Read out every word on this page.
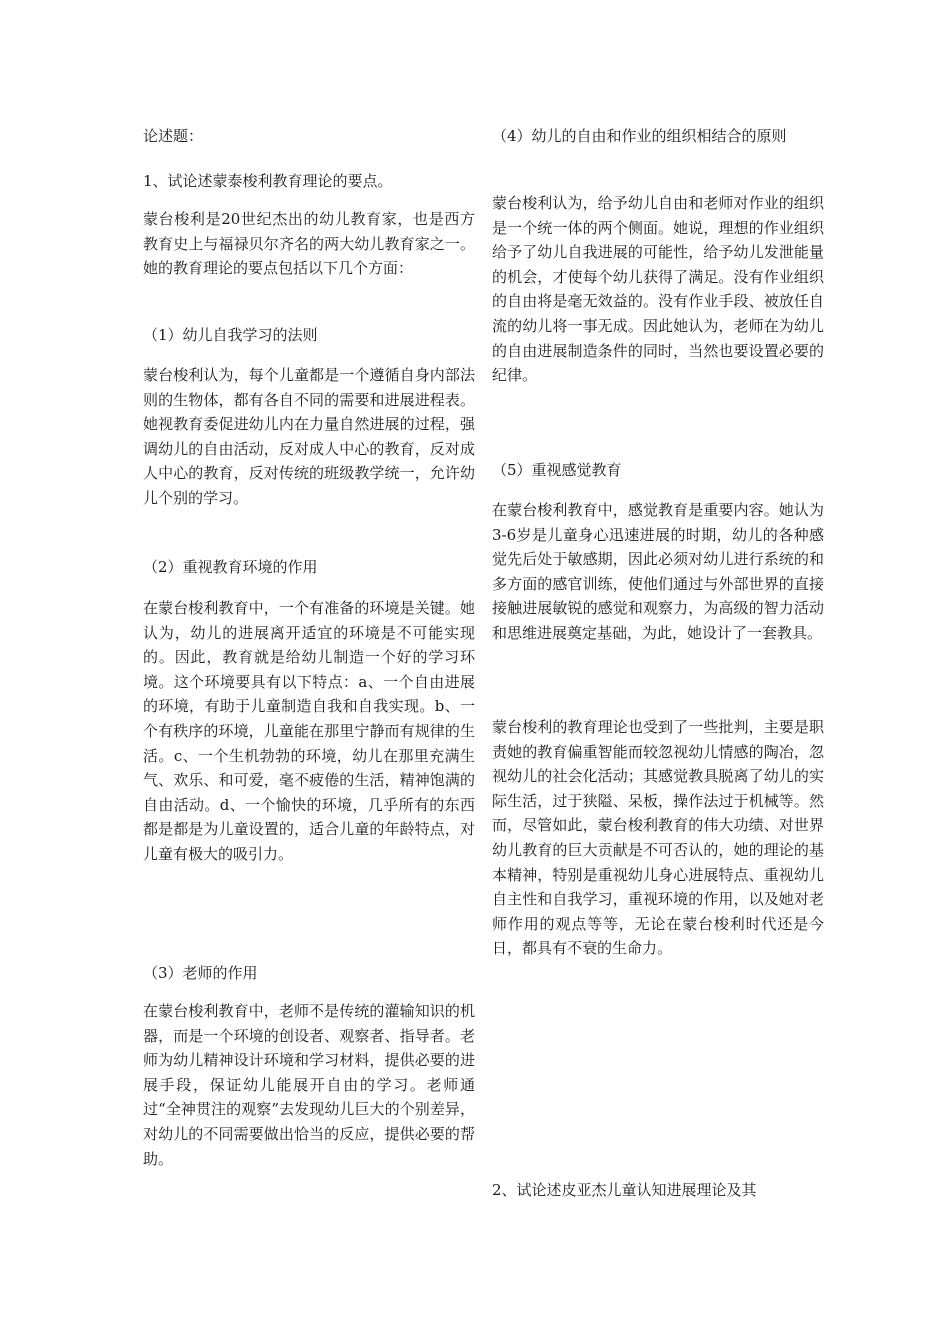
论述题：

1、试论述蒙泰梭利教育理论的要点。

蒙台梭利是20世纪杰出的幼儿教育家，也是西方教育史上与福禄贝尔齐名的两大幼儿教育家之一。她的教育理论的要点包括以下几个方面：

（1）幼儿自我学习的法则

蒙台梭利认为，每个儿童都是一个遵循自身内部法则的生物体，都有各自不同的需要和进展进程表。她视教育委促进幼儿内在力量自然进展的过程，强调幼儿的自由活动，反对成人中心的教育，反对成人中心的教育，反对传统的班级教学统一，允许幼儿个别的学习。

（2）重视教育环境的作用

在蒙台梭利教育中，一个有准备的环境是关键。她认为，幼儿的进展离开适宜的环境是不可能实现的。因此，教育就是给幼儿制造一个好的学习环境。这个环境要具有以下特点：a、一个自由进展的环境，有助于儿童制造自我和自我实现。b、一个有秩序的环境，儿童能在那里宁静而有规律的生活。c、一个生机勃勃的环境，幼儿在那里充满生气、欢乐、和可爱，毫不疲倦的生活，精神饱满的自由活动。d、一个愉快的环境，几乎所有的东西都是都是为儿童设置的，适合儿童的年龄特点，对儿童有极大的吸引力。

（3）老师的作用

在蒙台梭利教育中，老师不是传统的灌输知识的机器，而是一个环境的创设者、观察者、指导者。老师为幼儿精神设计环境和学习材料，提供必要的进展手段，保证幼儿能展开自由的学习。老师通过“全神贯注的观察”去发现幼儿巨大的个别差异，对幼儿的不同需要做出恰当的反应，提供必要的帮助。

（4）幼儿的自由和作业的组织相结合的原则

蒙台梭利认为，给予幼儿自由和老师对作业的组织是一个统一体的两个侧面。她说，理想的作业组织给予了幼儿自我进展的可能性，给予幼儿发泄能量的机会，才使每个幼儿获得了满足。没有作业组织的自由将是毫无效益的。没有作业手段、被放任自流的幼儿将一事无成。因此她认为，老师在为幼儿的自由进展制造条件的同时，当然也要设置必要的纪律。

（5）重视感觉教育

在蒙台梭利教育中，感觉教育是重要内容。她认为3-6岁是儿童身心迅速进展的时期，幼儿的各种感觉先后处于敏感期，因此必须对幼儿进行系统的和多方面的感官训练，使他们通过与外部世界的直接接触进展敏锐的感觉和观察力，为高级的智力活动和思维进展奠定基础，为此，她设计了一套教具。

蒙台梭利的教育理论也受到了一些批判，主要是职责她的教育偏重智能而较忽视幼儿情感的陶冶，忽视幼儿的社会化活动；其感觉教具脱离了幼儿的实际生活，过于狭隘、呆板，操作法过于机械等。然而，尽管如此，蒙台梭利教育的伟大功绩、对世界幼儿教育的巨大贡献是不可否认的，她的理论的基本精神，特别是重视幼儿身心进展特点、重视幼儿自主性和自我学习，重视环境的作用，以及她对老师作用的观点等等，无论在蒙台梭利时代还是今日，都具有不衰的生命力。

2、试论述皮亚杰儿童认知进展理论及其
